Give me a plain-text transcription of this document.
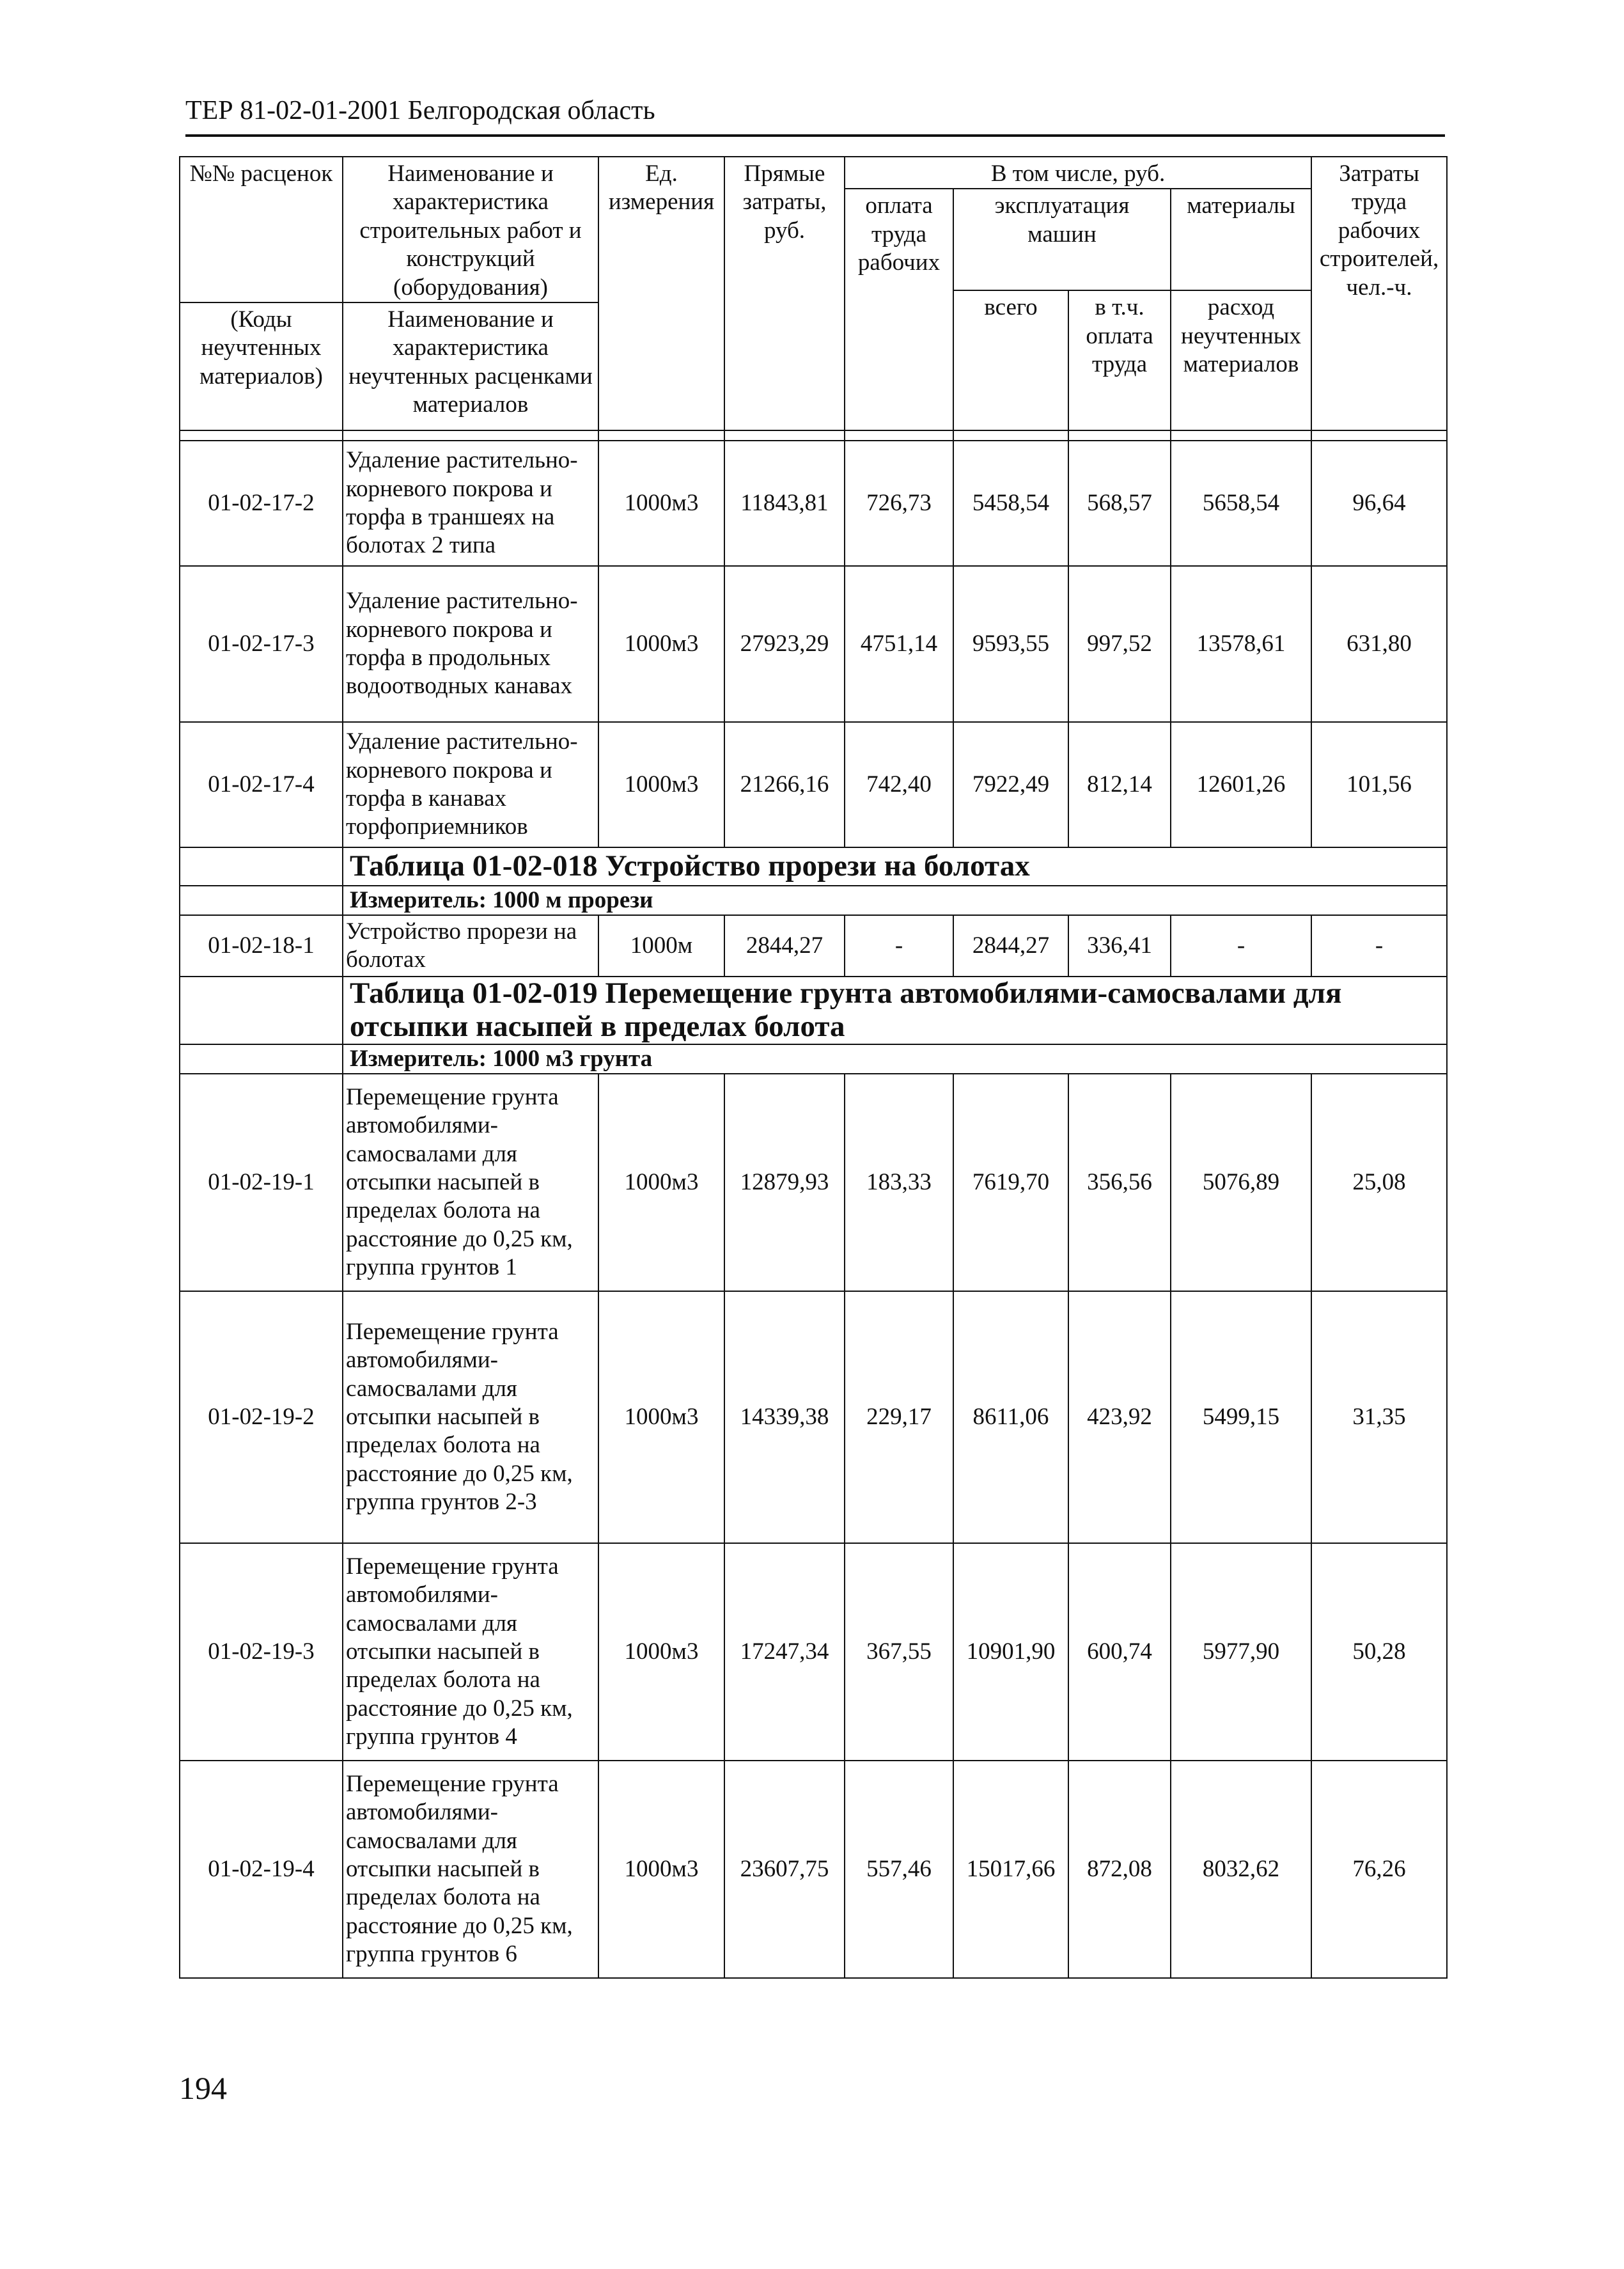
ТЕР 81-02-01-2001 Белгородская область
№№ расценок	Наименование и характеристика строительных работ и конструкций (оборудования)	Ед. измерения	Прямые затраты, руб.	В том числе, руб.				Затраты труда рабочих строителей, чел.-ч.
				оплата труда рабочих	эксплуатация машин		материалы	
					всего	в т.ч. оплата труда	расход неучтенных материалов	
(Коды неучтенных материалов)	Наименование и характеристика неучтенных расценками материалов							

01-02-17-2	Удаление растительно-корневого покрова и торфа в траншеях на болотах 2 типа	1000м3	11843,81	726,73	5458,54	568,57	5658,54	96,64
01-02-17-3	Удаление растительно-корневого покрова и торфа в продольных водоотводных канавах	1000м3	27923,29	4751,14	9593,55	997,52	13578,61	631,80
01-02-17-4	Удаление растительно-корневого покрова и торфа в канавах торфоприемников	1000м3	21266,16	742,40	7922,49	812,14	12601,26	101,56
	Таблица 01-02-018 Устройство прорези на болотах							
	Измеритель: 1000 м прорези							
01-02-18-1	Устройство прорези на болотах	1000м	2844,27	-	2844,27	336,41	-	-
	Таблица 01-02-019 Перемещение грунта автомобилями-самосвалами для отсыпки насыпей в пределах болота							
	Измеритель: 1000 м3 грунта							
01-02-19-1	Перемещение грунта автомобилями-самосвалами для отсыпки насыпей в пределах болота на расстояние до 0,25 км, группа грунтов 1	1000м3	12879,93	183,33	7619,70	356,56	5076,89	25,08
01-02-19-2	Перемещение грунта автомобилями-самосвалами для отсыпки насыпей в пределах болота на расстояние до 0,25 км, группа грунтов 2-3	1000м3	14339,38	229,17	8611,06	423,92	5499,15	31,35
01-02-19-3	Перемещение грунта автомобилями-самосвалами для отсыпки насыпей в пределах болота на расстояние до 0,25 км, группа грунтов 4	1000м3	17247,34	367,55	10901,90	600,74	5977,90	50,28
01-02-19-4	Перемещение грунта автомобилями-самосвалами для отсыпки насыпей в пределах болота на расстояние до 0,25 км, группа грунтов 6	1000м3	23607,75	557,46	15017,66	872,08	8032,62	76,26
194
